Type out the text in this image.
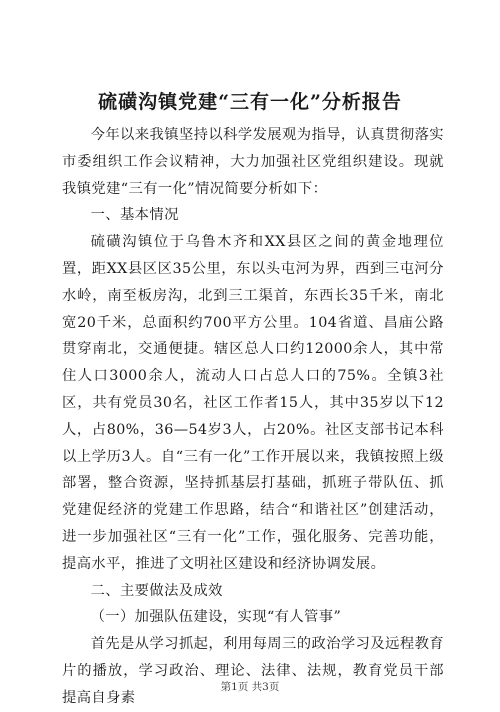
硫磺沟镇党建“三有一化”分析报告

今年以来我镇坚持以科学发展观为指导，认真贯彻落实市委组织工作会议精神，大力加强社区党组织建设。现就我镇党建“三有一化”情况简要分析如下：

一、基本情况

硫磺沟镇位于乌鲁木齐和XX县区之间的黄金地理位置，距XX县区区35公里，东以头屯河为界，西到三屯河分水岭，南至板房沟，北到三工渠首，东西长35千米，南北宽20千米，总面积约700平方公里。104省道、昌庙公路贯穿南北，交通便捷。辖区总人口约12000余人，其中常住人口3000余人，流动人口占总人口的75%。全镇3社区，共有党员30名，社区工作者15人，其中35岁以下12人，占80%，36—54岁3人，占20%。社区支部书记本科以上学历3人。自“三有一化”工作开展以来，我镇按照上级部署，整合资源，坚持抓基层打基础，抓班子带队伍、抓党建促经济的党建工作思路，结合“和谐社区”创建活动，进一步加强社区“三有一化”工作，强化服务、完善功能，提高水平，推进了文明社区建设和经济协调发展。

二、主要做法及成效

（一）加强队伍建设，实现“有人管事”

首先是从学习抓起，利用每周三的政治学习及远程教育片的播放，学习政治、理论、法律、法规，教育党员干部提高自身素

第1页 共3页
